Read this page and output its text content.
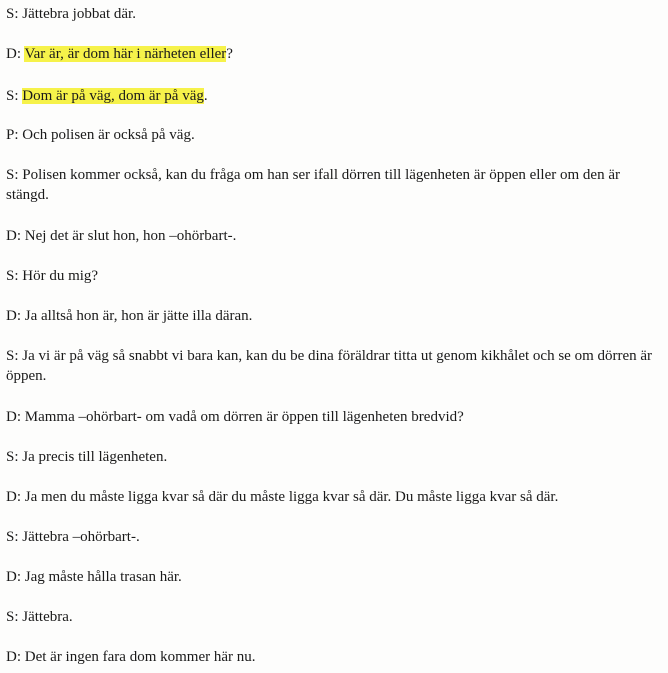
S: Jättebra jobbat där.

D: Var är, är dom här i närheten eller?

S: Dom är på väg, dom är på väg.

P: Och polisen är också på väg.

S: Polisen kommer också, kan du fråga om han ser ifall dörren till lägenheten är öppen eller om den är stängd.

D: Nej det är slut hon, hon –ohörbart-.

S: Hör du mig?

D: Ja alltså hon är, hon är jätte illa däran.

S: Ja vi är på väg så snabbt vi bara kan, kan du be dina föräldrar titta ut genom kikhålet och se om dörren är öppen.

D: Mamma –ohörbart- om vadå om dörren är öppen till lägenheten bredvid?

S: Ja precis till lägenheten.

D: Ja men du måste ligga kvar så där du måste ligga kvar så där. Du måste ligga kvar så där.

S: Jättebra –ohörbart-.

D: Jag måste hålla trasan här.

S: Jättebra.

D: Det är ingen fara dom kommer här nu.
